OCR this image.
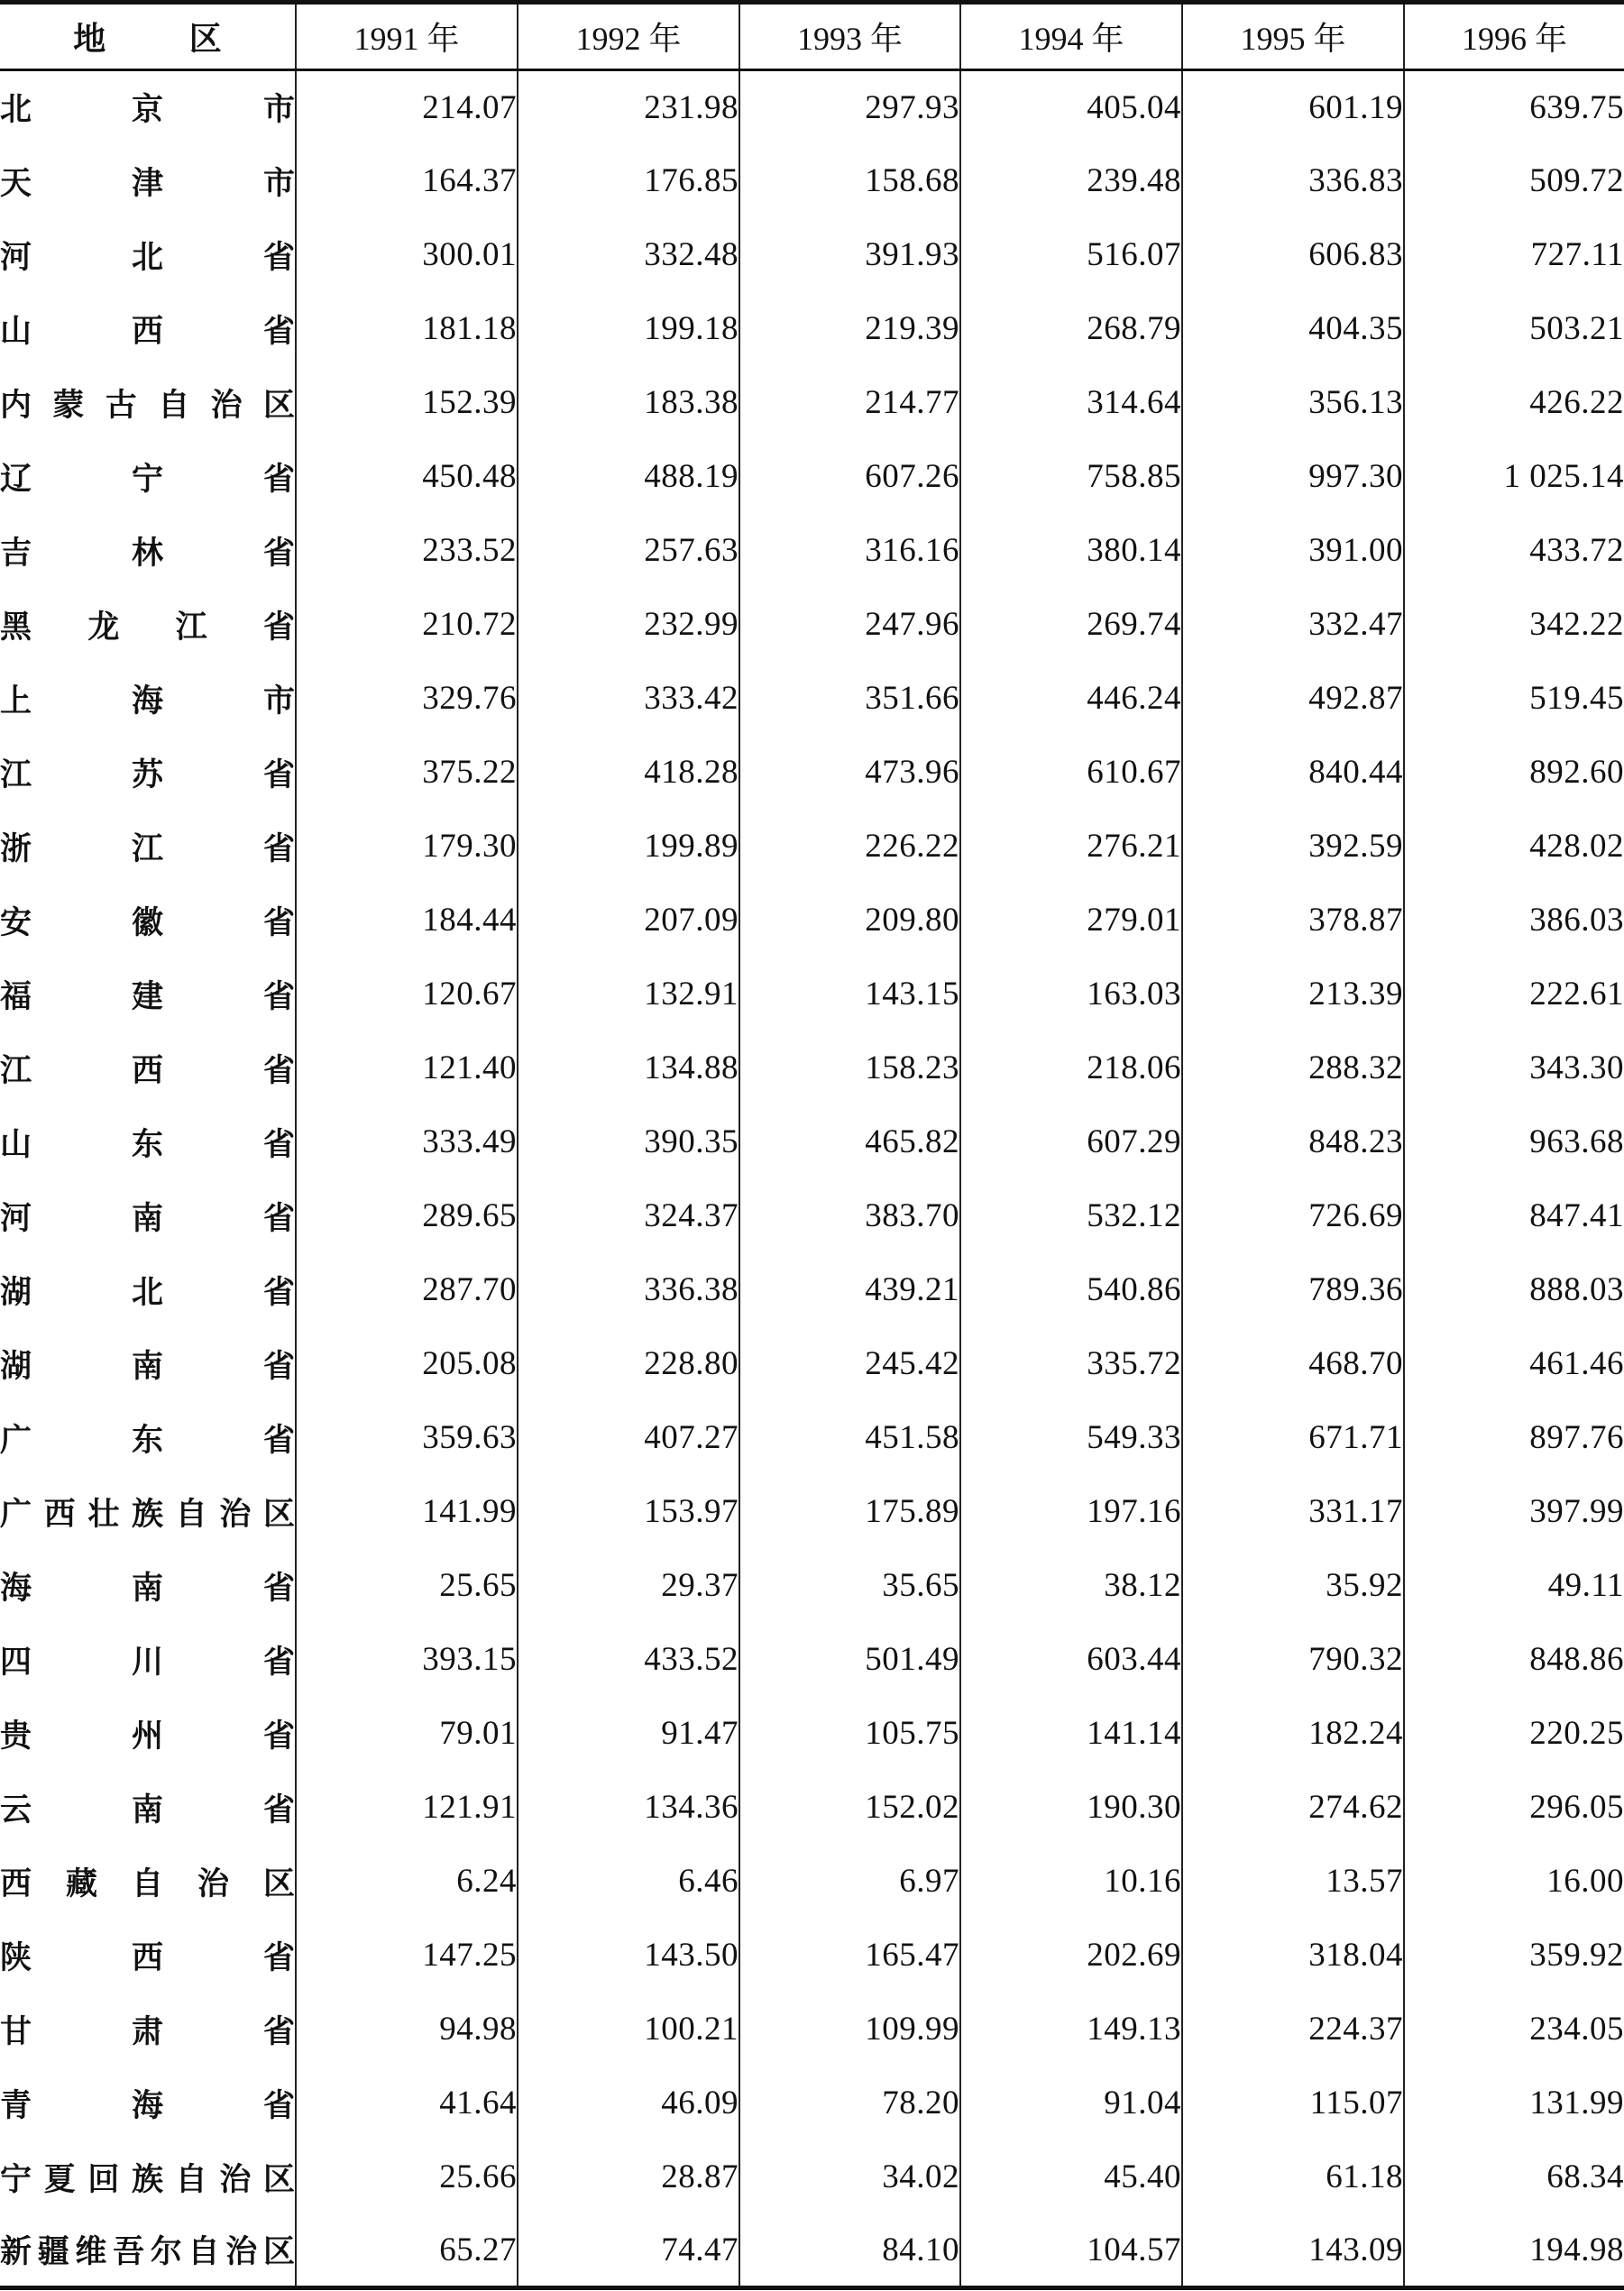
地 区	1991 年	1992 年	1993 年	1994 年	1995 年	1996 年
北京市	214.07	231.98	297.93	405.04	601.19	639.75
天津市	164.37	176.85	158.68	239.48	336.83	509.72
河北省	300.01	332.48	391.93	516.07	606.83	727.11
山西省	181.18	199.18	219.39	268.79	404.35	503.21
内蒙古自治区	152.39	183.38	214.77	314.64	356.13	426.22
辽宁省	450.48	488.19	607.26	758.85	997.30	1 025.14
吉林省	233.52	257.63	316.16	380.14	391.00	433.72
黑龙江省	210.72	232.99	247.96	269.74	332.47	342.22
上海市	329.76	333.42	351.66	446.24	492.87	519.45
江苏省	375.22	418.28	473.96	610.67	840.44	892.60
浙江省	179.30	199.89	226.22	276.21	392.59	428.02
安徽省	184.44	207.09	209.80	279.01	378.87	386.03
福建省	120.67	132.91	143.15	163.03	213.39	222.61
江西省	121.40	134.88	158.23	218.06	288.32	343.30
山东省	333.49	390.35	465.82	607.29	848.23	963.68
河南省	289.65	324.37	383.70	532.12	726.69	847.41
湖北省	287.70	336.38	439.21	540.86	789.36	888.03
湖南省	205.08	228.80	245.42	335.72	468.70	461.46
广东省	359.63	407.27	451.58	549.33	671.71	897.76
广西壮族自治区	141.99	153.97	175.89	197.16	331.17	397.99
海南省	25.65	29.37	35.65	38.12	35.92	49.11
四川省	393.15	433.52	501.49	603.44	790.32	848.86
贵州省	79.01	91.47	105.75	141.14	182.24	220.25
云南省	121.91	134.36	152.02	190.30	274.62	296.05
西藏自治区	6.24	6.46	6.97	10.16	13.57	16.00
陕西省	147.25	143.50	165.47	202.69	318.04	359.92
甘肃省	94.98	100.21	109.99	149.13	224.37	234.05
青海省	41.64	46.09	78.20	91.04	115.07	131.99
宁夏回族自治区	25.66	28.87	34.02	45.40	61.18	68.34
新疆维吾尔自治区	65.27	74.47	84.10	104.57	143.09	194.98
